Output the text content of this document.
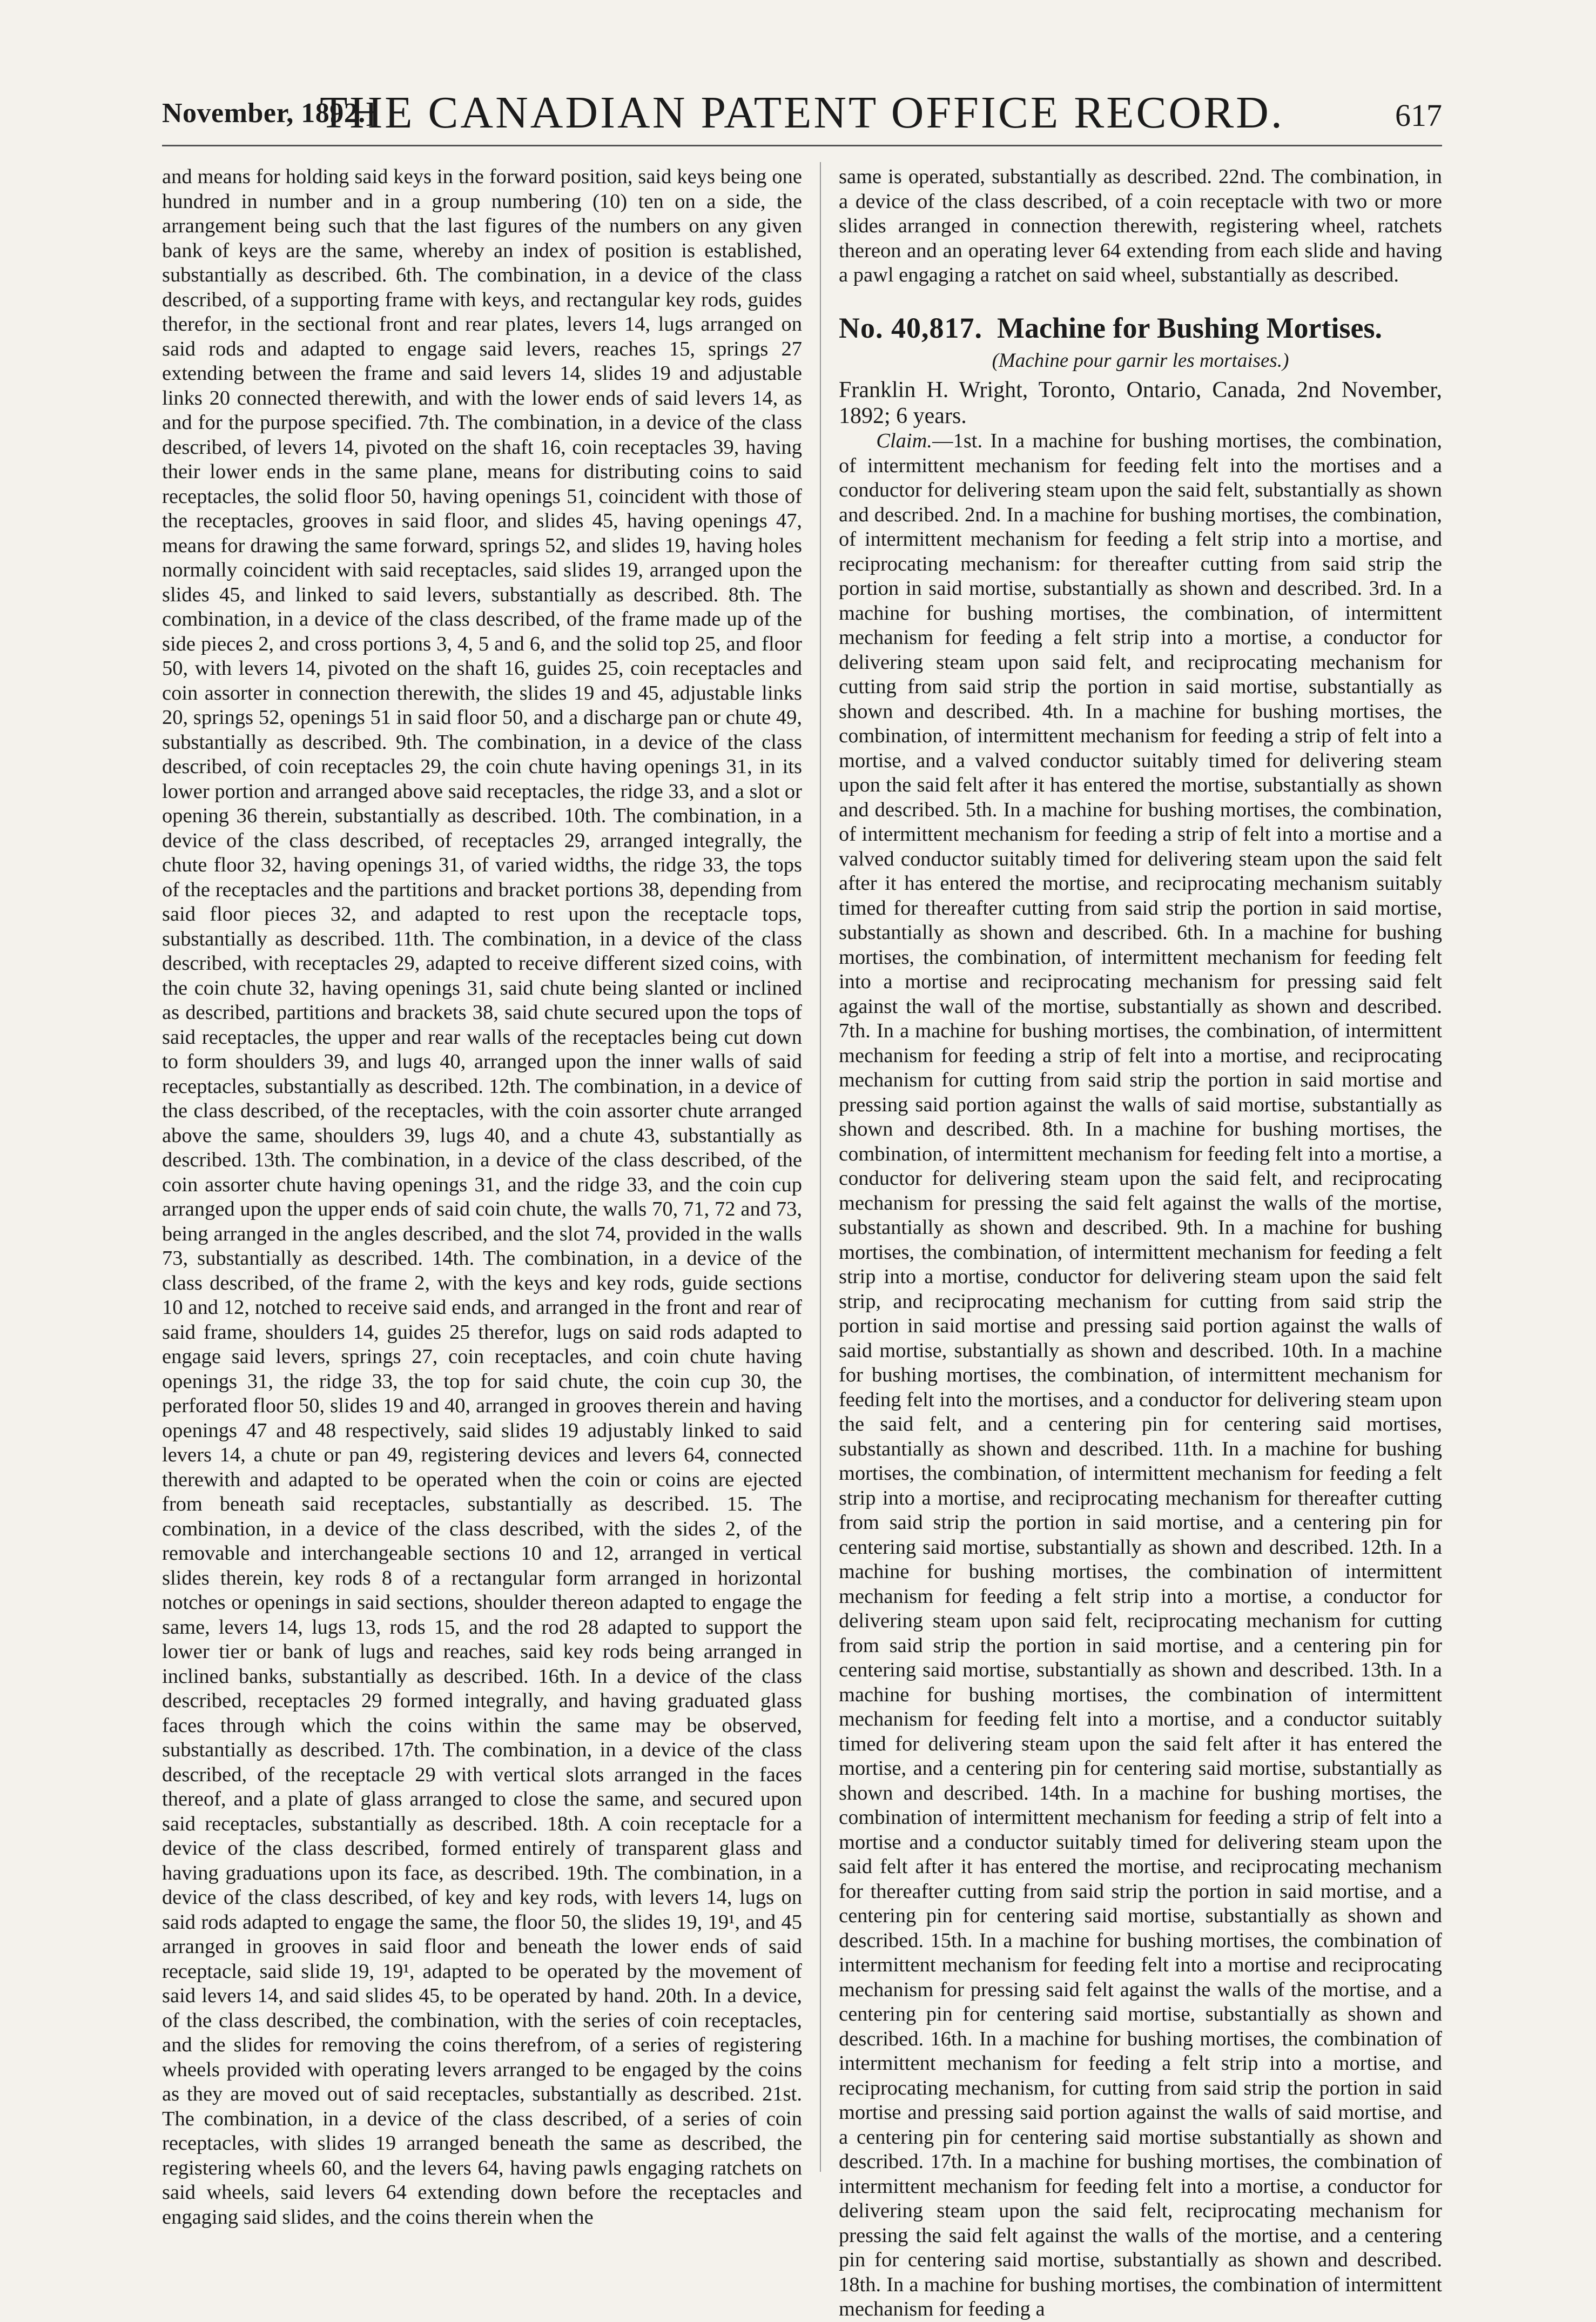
November, 1892.]
THE CANADIAN PATENT OFFICE RECORD.	617

and means for holding said keys in the forward position, said keys being one hundred in number and in a group numbering (10) ten on a side, the arrangement being such that the last figures of the numbers on any given bank of keys are the same, whereby an index of position is established, substantially as described. 6th. The combination, in a device of the class described, of a supporting frame with keys, and rectangular key rods, guides therefor, in the sectional front and rear plates, levers 14, lugs arranged on said rods and adapted to engage said levers, reaches 15, springs 27 extending between the frame and said levers 14, slides 19 and adjustable links 20 connected therewith, and with the lower ends of said levers 14, as and for the purpose specified. 7th. The combination, in a device of the class described, of levers 14, pivoted on the shaft 16, coin receptacles 39, having their lower ends in the same plane, means for distributing coins to said receptacles, the solid floor 50, having openings 51, coincident with those of the receptacles, grooves in said floor, and slides 45, having openings 47, means for drawing the same forward, springs 52, and slides 19, having holes normally coincident with said receptacles, said slides 19, arranged upon the slides 45, and linked to said levers, substantially as described. 8th. The combination, in a device of the class described, of the frame made up of the side pieces 2, and cross portions 3, 4, 5 and 6, and the solid top 25, and floor 50, with levers 14, pivoted on the shaft 16, guides 25, coin receptacles and coin assorter in connection therewith, the slides 19 and 45, adjustable links 20, springs 52, openings 51 in said floor 50, and a discharge pan or chute 49, substantially as described. 9th. The combination, in a device of the class described, of coin receptacles 29, the coin chute having openings 31, in its lower portion and arranged above said receptacles, the ridge 33, and a slot or opening 36 therein, substantially as described. 10th. The combination, in a device of the class described, of receptacles 29, arranged integrally, the chute floor 32, having openings 31, of varied widths, the ridge 33, the tops of the receptacles and the partitions and bracket portions 38, depending from said floor pieces 32, and adapted to rest upon the receptacle tops, substantially as described. 11th. The combination, in a device of the class described, with receptacles 29, adapted to receive different sized coins, with the coin chute 32, having openings 31, said chute being slanted or inclined as described, partitions and brackets 38, said chute secured upon the tops of said receptacles, the upper and rear walls of the receptacles being cut down to form shoulders 39, and lugs 40, arranged upon the inner walls of said receptacles, substantially as described. 12th. The combination, in a device of the class described, of the receptacles, with the coin assorter chute arranged above the same, shoulders 39, lugs 40, and a chute 43, substantially as described. 13th. The combination, in a device of the class described, of the coin assorter chute having openings 31, and the ridge 33, and the coin cup arranged upon the upper ends of said coin chute, the walls 70, 71, 72 and 73, being arranged in the angles described, and the slot 74, provided in the walls 73, substantially as described. 14th. The combination, in a device of the class described, of the frame 2, with the keys and key rods, guide sections 10 and 12, notched to receive said ends, and arranged in the front and rear of said frame, shoulders 14, guides 25 therefor, lugs on said rods adapted to engage said levers, springs 27, coin receptacles, and coin chute having openings 31, the ridge 33, the top for said chute, the coin cup 30, the perforated floor 50, slides 19 and 40, arranged in grooves therein and having openings 47 and 48 respectively, said slides 19 adjustably linked to said levers 14, a chute or pan 49, registering devices and levers 64, connected therewith and adapted to be operated when the coin or coins are ejected from beneath said receptacles, substantially as described. 15. The combination, in a device of the class described, with the sides 2, of the removable and interchangeable sections 10 and 12, arranged in vertical slides therein, key rods 8 of a rectangular form arranged in horizontal notches or openings in said sections, shoulder thereon adapted to engage the same, levers 14, lugs 13, rods 15, and the rod 28 adapted to support the lower tier or bank of lugs and reaches, said key rods being arranged in inclined banks, substantially as described. 16th. In a device of the class described, receptacles 29 formed integrally, and having graduated glass faces through which the coins within the same may be observed, substantially as described. 17th. The combination, in a device of the class described, of the receptacle 29 with vertical slots arranged in the faces thereof, and a plate of glass arranged to close the same, and secured upon said receptacles, substantially as described. 18th. A coin receptacle for a device of the class described, formed entirely of transparent glass and having graduations upon its face, as described. 19th. The combination, in a device of the class described, of key and key rods, with levers 14, lugs on said rods adapted to engage the same, the floor 50, the slides 19, 19¹, and 45 arranged in grooves in said floor and beneath the lower ends of said receptacle, said slide 19, 19¹, adapted to be operated by the movement of said levers 14, and said slides 45, to be operated by hand. 20th. In a device, of the class described, the combination, with the series of coin receptacles, and the slides for removing the coins therefrom, of a series of registering wheels provided with operating levers arranged to be engaged by the coins as they are moved out of said receptacles, substantially as described. 21st. The combination, in a device of the class described, of a series of coin receptacles, with slides 19 arranged beneath the same as described, the registering wheels 60, and the levers 64, having pawls engaging ratchets on said wheels, said levers 64 extending down before the receptacles and engaging said slides, and the coins therein when the

same is operated, substantially as described. 22nd. The combination, in a device of the class described, of a coin receptacle with two or more slides arranged in connection therewith, registering wheel, ratchets thereon and an operating lever 64 extending from each slide and having a pawl engaging a ratchet on said wheel, substantially as described.

No. 40,817. Machine for Bushing Mortises.

(Machine pour garnir les mortaises.)

Franklin H. Wright, Toronto, Ontario, Canada, 2nd November, 1892; 6 years.

Claim.—1st. In a machine for bushing mortises, the combination, of intermittent mechanism for feeding felt into the mortises and a conductor for delivering steam upon the said felt, substantially as shown and described. 2nd. In a machine for bushing mortises, the combination, of intermittent mechanism for feeding a felt strip into a mortise, and reciprocating mechanism: for thereafter cutting from said strip the portion in said mortise, substantially as shown and described. 3rd. In a machine for bushing mortises, the combination, of intermittent mechanism for feeding a felt strip into a mortise, a conductor for delivering steam upon said felt, and reciprocating mechanism for cutting from said strip the portion in said mortise, substantially as shown and described. 4th. In a machine for bushing mortises, the combination, of intermittent mechanism for feeding a strip of felt into a mortise, and a valved conductor suitably timed for delivering steam upon the said felt after it has entered the mortise, substantially as shown and described. 5th. In a machine for bushing mortises, the combination, of intermittent mechanism for feeding a strip of felt into a mortise and a valved conductor suitably timed for delivering steam upon the said felt after it has entered the mortise, and reciprocating mechanism suitably timed for thereafter cutting from said strip the portion in said mortise, substantially as shown and described. 6th. In a machine for bushing mortises, the combination, of intermittent mechanism for feeding felt into a mortise and reciprocating mechanism for pressing said felt against the wall of the mortise, substantially as shown and described. 7th. In a machine for bushing mortises, the combination, of intermittent mechanism for feeding a strip of felt into a mortise, and reciprocating mechanism for cutting from said strip the portion in said mortise and pressing said portion against the walls of said mortise, substantially as shown and described. 8th. In a machine for bushing mortises, the combination, of intermittent mechanism for feeding felt into a mortise, a conductor for delivering steam upon the said felt, and reciprocating mechanism for pressing the said felt against the walls of the mortise, substantially as shown and described. 9th. In a machine for bushing mortises, the combination, of intermittent mechanism for feeding a felt strip into a mortise, conductor for delivering steam upon the said felt strip, and reciprocating mechanism for cutting from said strip the portion in said mortise and pressing said portion against the walls of said mortise, substantially as shown and described. 10th. In a machine for bushing mortises, the combination, of intermittent mechanism for feeding felt into the mortises, and a conductor for delivering steam upon the said felt, and a centering pin for centering said mortises, substantially as shown and described. 11th. In a machine for bushing mortises, the combination, of intermittent mechanism for feeding a felt strip into a mortise, and reciprocating mechanism for thereafter cutting from said strip the portion in said mortise, and a centering pin for centering said mortise, substantially as shown and described. 12th. In a machine for bushing mortises, the combination of intermittent mechanism for feeding a felt strip into a mortise, a conductor for delivering steam upon said felt, reciprocating mechanism for cutting from said strip the portion in said mortise, and a centering pin for centering said mortise, substantially as shown and described. 13th. In a machine for bushing mortises, the combination of intermittent mechanism for feeding felt into a mortise, and a conductor suitably timed for delivering steam upon the said felt after it has entered the mortise, and a centering pin for centering said mortise, substantially as shown and described. 14th. In a machine for bushing mortises, the combination of intermittent mechanism for feeding a strip of felt into a mortise and a conductor suitably timed for delivering steam upon the said felt after it has entered the mortise, and reciprocating mechanism for thereafter cutting from said strip the portion in said mortise, and a centering pin for centering said mortise, substantially as shown and described. 15th. In a machine for bushing mortises, the combination of intermittent mechanism for feeding felt into a mortise and reciprocating mechanism for pressing said felt against the walls of the mortise, and a centering pin for centering said mortise, substantially as shown and described. 16th. In a machine for bushing mortises, the combination of intermittent mechanism for feeding a felt strip into a mortise, and reciprocating mechanism, for cutting from said strip the portion in said mortise and pressing said portion against the walls of said mortise, and a centering pin for centering said mortise substantially as shown and described. 17th. In a machine for bushing mortises, the combination of intermittent mechanism for feeding felt into a mortise, a conductor for delivering steam upon the said felt, reciprocating mechanism for pressing the said felt against the walls of the mortise, and a centering pin for centering said mortise, substantially as shown and described. 18th. In a machine for bushing mortises, the combination of intermittent mechanism for feeding a
